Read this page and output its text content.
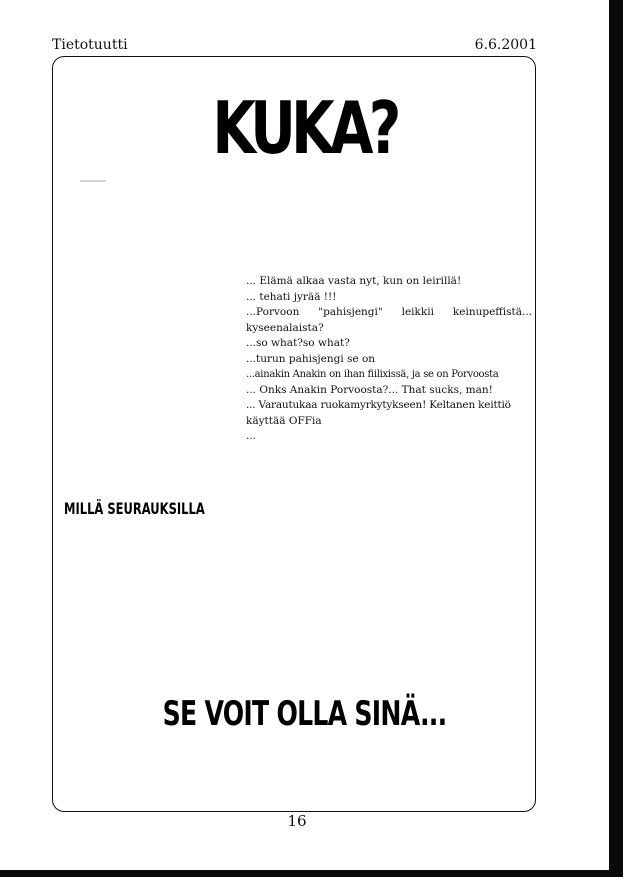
Tietotuutti	6.6.2001
KUKA?
... Elämä alkaa vasta nyt, kun on leirillä!
... tehati jyrää !!!
...Porvoon "pahisjengi" leikkii keinupeffistä...
kyseenalaista?
...so what?so what?
...turun pahisjengi se on
...ainakin Anakin on ihan fiilixissä, ja se on Porvoosta
... Onks Anakin Porvoosta?... That sucks, man!
... Varautukaa ruokamyrkytykseen! Keltanen keittiö
käyttää OFFia
...
MILLÄ SEURAUKSILLA
SE VOIT OLLA SINÄ...
16
